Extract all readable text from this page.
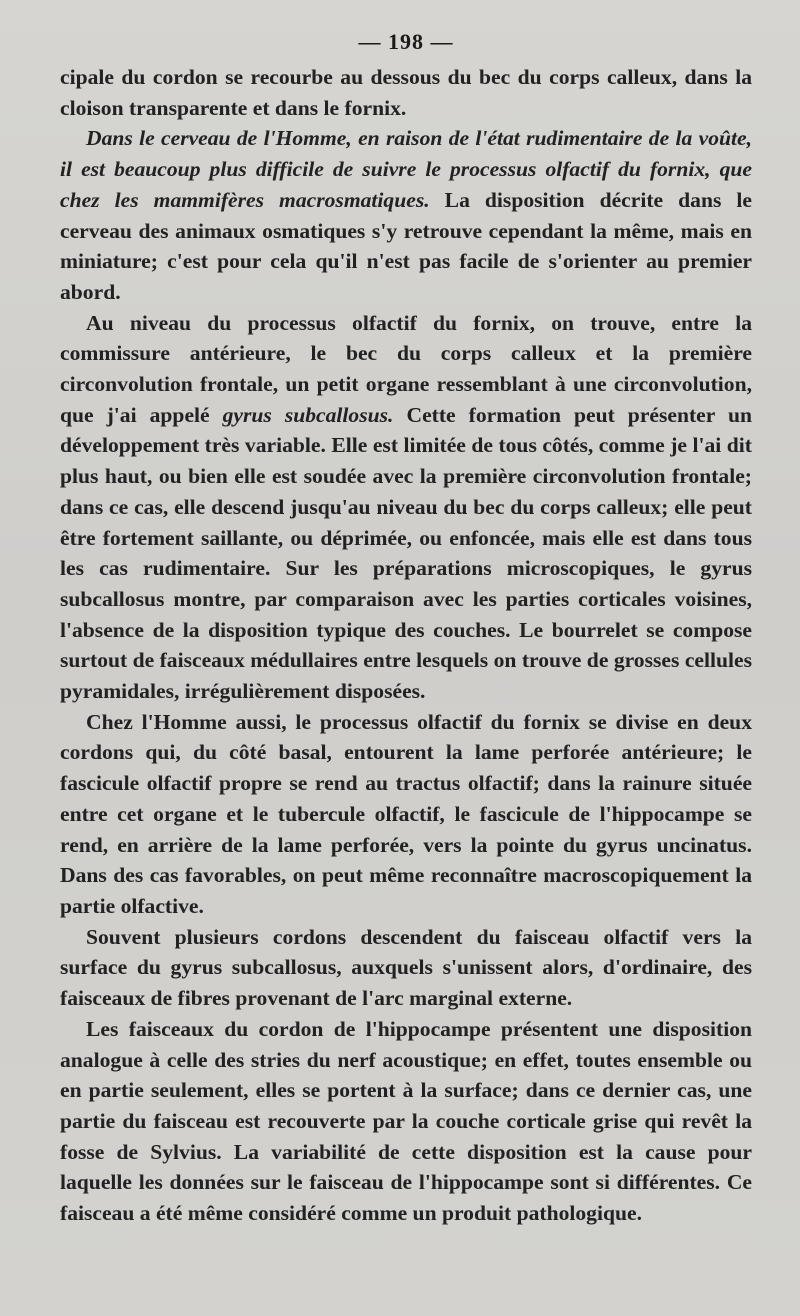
— 198 —

cipale du cordon se recourbe au dessous du bec du corps calleux, dans la cloison transparente et dans le fornix.

Dans le cerveau de l'Homme, en raison de l'état rudimentaire de la voûte, il est beaucoup plus difficile de suivre le processus olfactif du fornix, que chez les mammifères macrosmatiques. La disposition décrite dans le cerveau des animaux osmatiques s'y retrouve cependant la même, mais en miniature; c'est pour cela qu'il n'est pas facile de s'orienter au premier abord.

Au niveau du processus olfactif du fornix, on trouve, entre la commissure antérieure, le bec du corps calleux et la première circonvolution frontale, un petit organe ressemblant à une circonvolution, que j'ai appelé gyrus subcallosus. Cette formation peut présenter un développement très variable. Elle est limitée de tous côtés, comme je l'ai dit plus haut, ou bien elle est soudée avec la première circonvolution frontale; dans ce cas, elle descend jusqu'au niveau du bec du corps calleux; elle peut être fortement saillante, ou déprimée, ou enfoncée, mais elle est dans tous les cas rudimentaire. Sur les préparations microscopiques, le gyrus subcallosus montre, par comparaison avec les parties corticales voisines, l'absence de la disposition typique des couches. Le bourrelet se compose surtout de faisceaux médullaires entre lesquels on trouve de grosses cellules pyramidales, irrégulièrement disposées.

Chez l'Homme aussi, le processus olfactif du fornix se divise en deux cordons qui, du côté basal, entourent la lame perforée antérieure; le fascicule olfactif propre se rend au tractus olfactif; dans la rainure située entre cet organe et le tubercule olfactif, le fascicule de l'hippocampe se rend, en arrière de la lame perforée, vers la pointe du gyrus uncinatus. Dans des cas favorables, on peut même reconnaître macroscopiquement la partie olfactive.

Souvent plusieurs cordons descendent du faisceau olfactif vers la surface du gyrus subcallosus, auxquels s'unissent alors, d'ordinaire, des faisceaux de fibres provenant de l'arc marginal externe.

Les faisceaux du cordon de l'hippocampe présentent une disposition analogue à celle des stries du nerf acoustique; en effet, toutes ensemble ou en partie seulement, elles se portent à la surface; dans ce dernier cas, une partie du faisceau est recouverte par la couche corticale grise qui revêt la fosse de Sylvius. La variabilité de cette disposition est la cause pour laquelle les données sur le faisceau de l'hippocampe sont si différentes. Ce faisceau a été même considéré comme un produit pathologique.
